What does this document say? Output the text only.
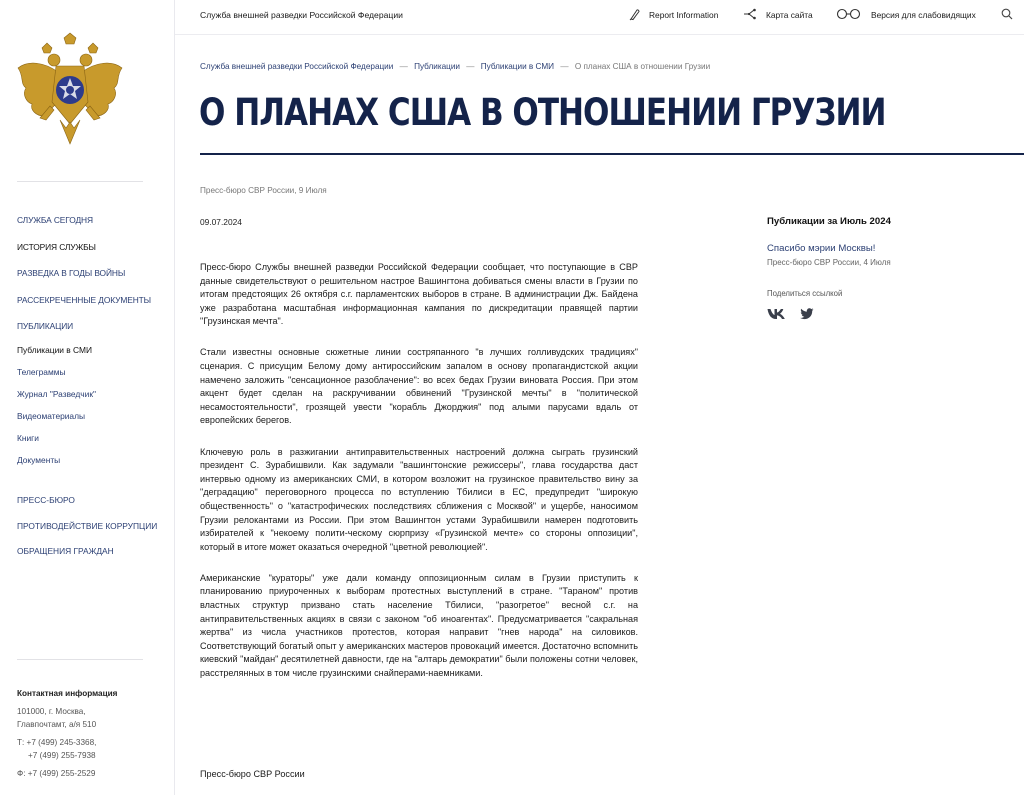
СЛУЖБА СЕГОДНЯ
ИСТОРИЯ СЛУЖБЫ
РАЗВЕДКА В ГОДЫ ВОЙНЫ
РАССЕКРЕЧЕННЫЕ ДОКУМЕНТЫ
ПУБЛИКАЦИИ
Публикации в СМИ
Телеграммы
Журнал "Разведчик"
Видеоматериалы
Книги
Документы
ПРЕСС-БЮРО
ПРОТИВОДЕЙСТВИЕ КОРРУПЦИИ
ОБРАЩЕНИЯ ГРАЖДАН
Контактная информация
101000, г. Москва,
Главпочтамт, а/я 510
Т: +7 (499) 245-3368,
+7 (499) 255-7938
Ф: +7 (499) 255-2529
Служба внешней разведки Российской Федерации	Report Information	Карта сайта	Версия для слабовидящих
Служба внешней разведки Российской Федерации — Публикации — Публикации в СМИ — О планах США в отношении Грузии
О ПЛАНАХ США В ОТНОШЕНИИ ГРУЗИИ
Пресс-бюро СВР России, 9 Июля
09.07.2024

Пресс-бюро Службы внешней разведки Российской Федерации сообщает, что поступающие в СВР данные свидетельствуют о решительном настрое Вашингтона добиваться смены власти в Грузии по итогам предстоящих 26 октября с.г. парламентских выборов в стране. В администрации Дж. Байдена уже разработана масштабная информационная кампания по дискредитации правящей партии "Грузинская мечта".

Стали известны основные сюжетные линии состряпанного "в лучших голливудских традициях" сценария. С присущим Белому дому антироссийским запалом в основу пропагандистской акции намечено заложить "сенсационное разоблачение": во всех бедах Грузии виновата Россия. При этом акцент будет сделан на раскручивании обвинений "Грузинской мечты" в "политической несамостоятельности", грозящей увести "корабль Джорджия" под алыми парусами вдаль от европейских берегов.

Ключевую роль в разжигании антиправительственных настроений должна сыграть грузинский президент С. Зурабишвили. Как задумали "вашингтонские режиссеры", глава государства даст интервью одному из американских СМИ, в котором возложит на грузинское правительство вину за "деградацию" переговорного процесса по вступлению Тбилиси в ЕС, предупредит "широкую общественность" о "катастрофических последствиях сближения с Москвой" и ущербе, наносимом Грузии релокантами из России. При этом Вашингтон устами Зурабишвили намерен подготовить избирателей к "некоему полити-ческому сюрпризу «Грузинской мечте» со стороны оппозиции", который в итоге может оказаться очередной "цветной революцией".

Американские "кураторы" уже дали команду оппозиционным силам в Грузии приступить к планированию приуроченных к выборам протестных выступлений в стране. "Тараном" против властных структур призвано стать население Тбилиси, "разогретое" весной с.г. на антиправительственных акциях в связи с законом "об иноагентах". Предусматривается "сакральная жертва" из числа участников протестов, которая направит "гнев народа" на силовиков. Соответствующий богатый опыт у американских мастеров провокаций имеется. Достаточно вспомнить киевский "майдан" десятилетней давности, где на "алтарь демократии" были положены сотни человек, расстрелянных в том числе грузинскими снайперами-наемниками.

Пресс-бюро СВР России
Публикации за Июль 2024
Спасибо мэрии Москвы!
Пресс-бюро СВР России, 4 Июля
Поделиться ссылкой
